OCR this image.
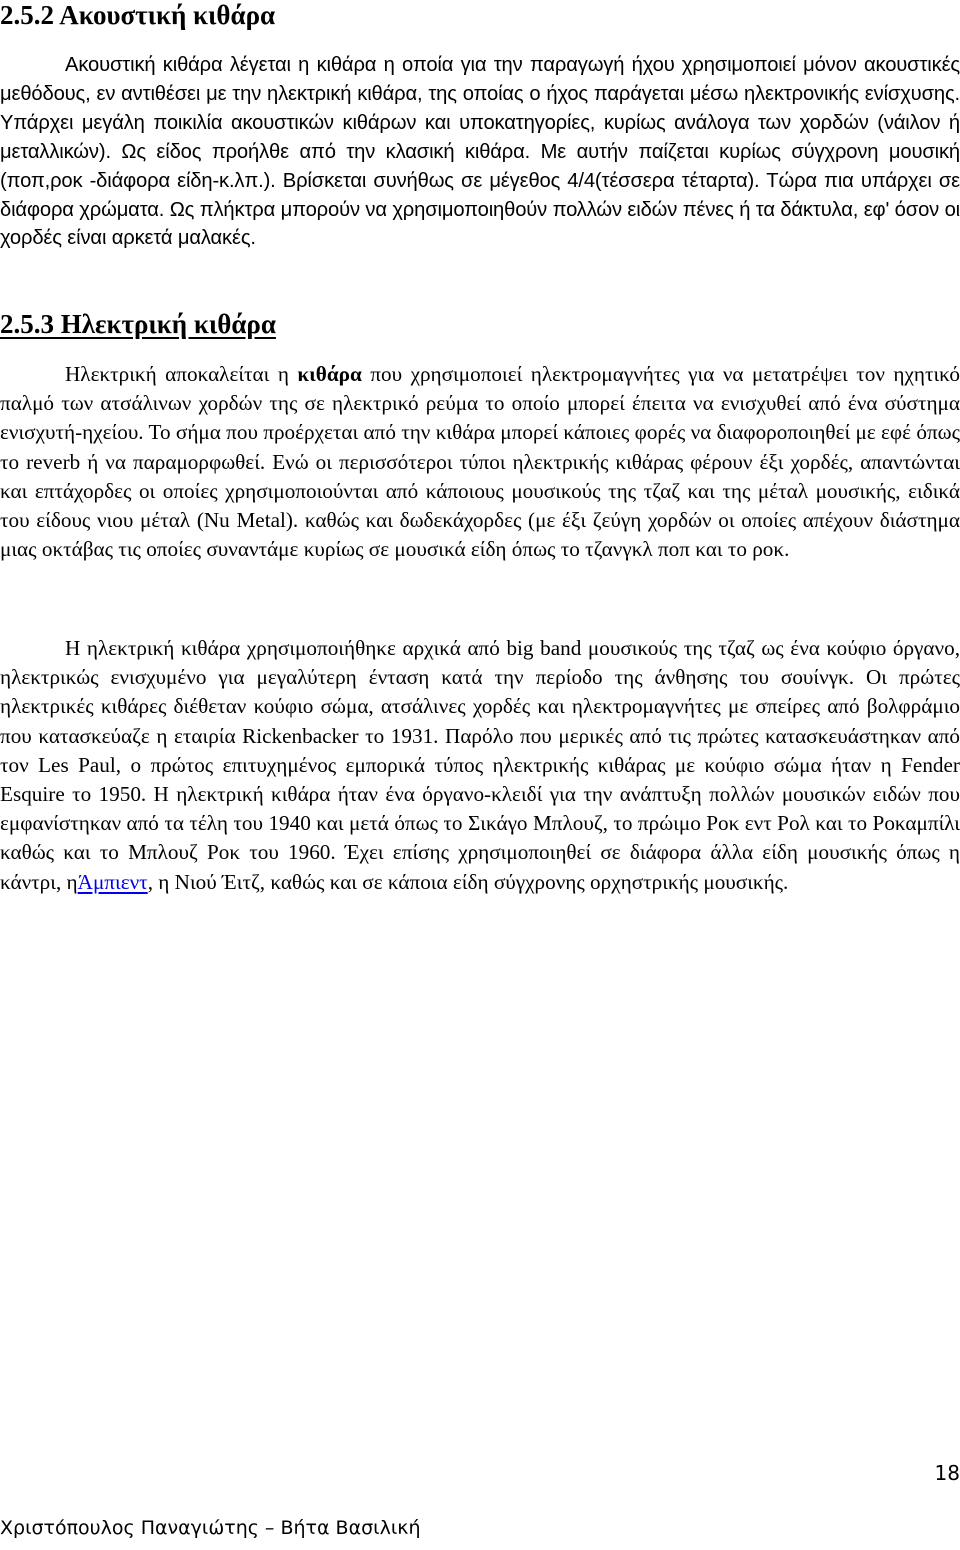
2.5.2 Ακουστική κιθάρα

Ακουστική κιθάρα λέγεται η κιθάρα η οποία για την παραγωγή ήχου χρησιμοποιεί μόνον ακουστικές μεθόδους, εν αντιθέσει με την ηλεκτρική κιθάρα, της οποίας ο ήχος παράγεται μέσω ηλεκτρονικής ενίσχυσης. Υπάρχει μεγάλη ποικιλία ακουστικών κιθάρων και υποκατηγορίες, κυρίως ανάλογα των χορδών (νάιλον ή μεταλλικών). Ως είδος προήλθε από την κλασική κιθάρα. Με αυτήν παίζεται κυρίως σύγχρονη μουσική (ποπ,ροκ -διάφορα είδη-κ.λπ.). Βρίσκεται συνήθως σε μέγεθος 4/4(τέσσερα τέταρτα). Τώρα πια υπάρχει σε διάφορα χρώματα. Ως πλήκτρα μπορούν να χρησιμοποιηθούν πολλών ειδών πένες ή τα δάκτυλα, εφ' όσον οι χορδές είναι αρκετά μαλακές.

2.5.3 Ηλεκτρική κιθάρα

Ηλεκτρική αποκαλείται η κιθάρα που χρησιμοποιεί ηλεκτρομαγνήτες για να μετατρέψει τον ηχητικό παλμό των ατσάλινων χορδών της σε ηλεκτρικό ρεύμα το οποίο μπορεί έπειτα να ενισχυθεί από ένα σύστημα ενισχυτή-ηχείου. Το σήμα που προέρχεται από την κιθάρα μπορεί κάποιες φορές να διαφοροποιηθεί με εφέ όπως το reverb ή να παραμορφωθεί. Ενώ οι περισσότεροι τύποι ηλεκτρικής κιθάρας φέρουν έξι χορδές, απαντώνται και επτάχορδες οι οποίες χρησιμοποιούνται από κάποιους μουσικούς της τζαζ και της μέταλ μουσικής, ειδικά του είδους νιου μέταλ (Nu Metal). καθώς και δωδεκάχορδες (με έξι ζεύγη χορδών οι οποίες απέχουν διάστημα μιας οκτάβας τις οποίες συναντάμε κυρίως σε μουσικά είδη όπως το τζανγκλ ποπ και το ροκ.

Η ηλεκτρική κιθάρα χρησιμοποιήθηκε αρχικά από big band μουσικούς της τζαζ ως ένα κούφιο όργανο, ηλεκτρικώς ενισχυμένο για μεγαλύτερη ένταση κατά την περίοδο της άνθησης του σουίνγκ. Οι πρώτες ηλεκτρικές κιθάρες διέθεταν κούφιο σώμα, ατσάλινες χορδές και ηλεκτρομαγνήτες με σπείρες από βολφράμιο που κατασκεύαζε η εταιρία Rickenbacker το 1931. Παρόλο που μερικές από τις πρώτες κατασκευάστηκαν από τον Les Paul, ο πρώτος επιτυχημένος εμπορικά τύπος ηλεκτρικής κιθάρας με κούφιο σώμα ήταν η Fender Esquire το 1950. Η ηλεκτρική κιθάρα ήταν ένα όργανο-κλειδί για την ανάπτυξη πολλών μουσικών ειδών που εμφανίστηκαν από τα τέλη του 1940 και μετά όπως το Σικάγο Μπλουζ, το πρώιμο Ροκ εντ Ρολ και το Ροκαμπίλι καθώς και το Μπλουζ Ροκ του 1960. Έχει επίσης χρησιμοποιηθεί σε διάφορα άλλα είδη μουσικής όπως η κάντρι, ηΆμπιεντ, η Νιού Έιτζ, καθώς και σε κάποια είδη σύγχρονης ορχηστρικής μουσικής.

18

Χριστόπουλος Παναγιώτης – Βήτα Βασιλική
